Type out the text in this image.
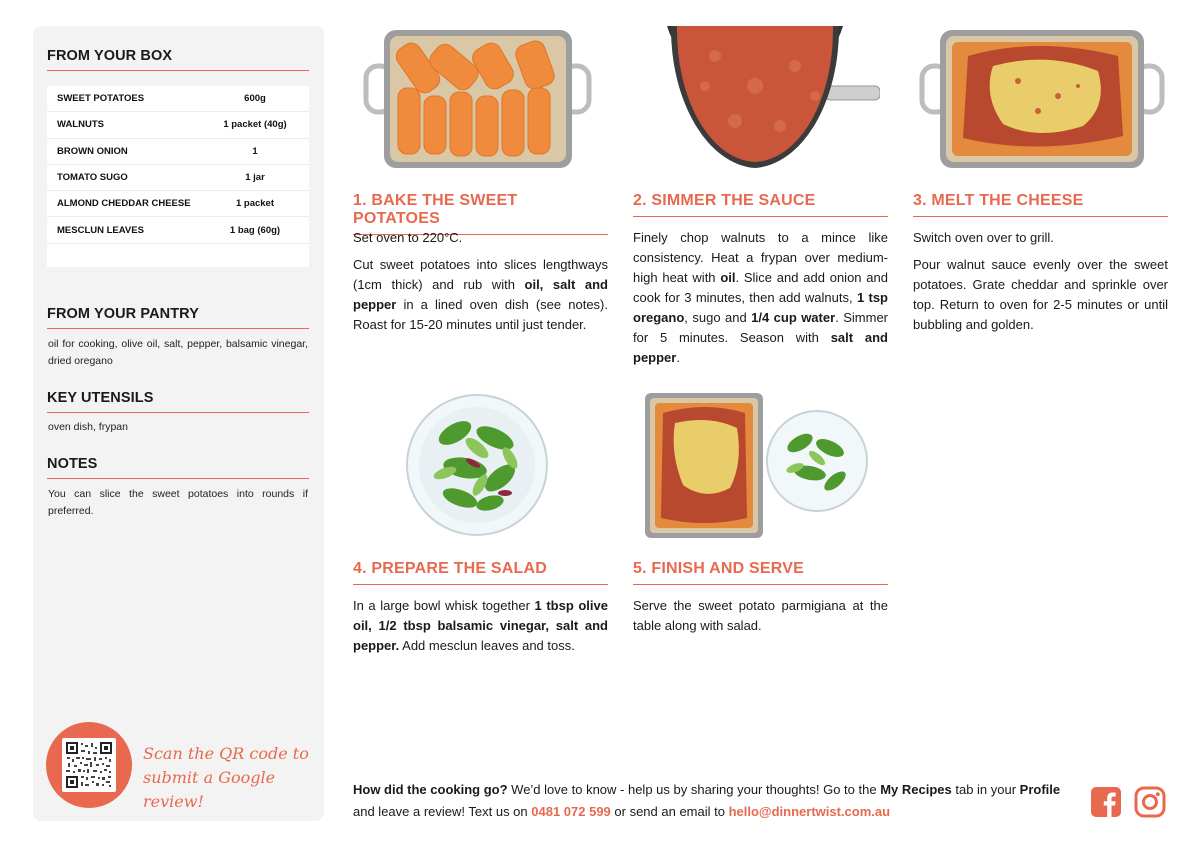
FROM YOUR BOX
SWEET POTATOES	600g
WALNUTS	1 packet (40g)
BROWN ONION	1
TOMATO SUGO	1 jar
ALMOND CHEDDAR CHEESE	1 packet
MESCLUN LEAVES	1 bag (60g)
FROM YOUR PANTRY
oil for cooking, olive oil, salt, pepper, balsamic vinegar, dried oregano
KEY UTENSILS
oven dish, frypan
NOTES
You can slice the sweet potatoes into rounds if preferred.
Scan the QR code to
submit a Google review!
1. BAKE THE SWEET POTATOES

Set oven to 220°C.

Cut sweet potatoes into slices lengthways (1cm thick) and rub with oil, salt and pepper in a lined oven dish (see notes). Roast for 15-20 minutes until just tender.

2. SIMMER THE SAUCE

Finely chop walnuts to a mince like consistency. Heat a frypan over medium-high heat with oil. Slice and add onion and cook for 3 minutes, then add walnuts, 1 tsp oregano, sugo and 1/4 cup water. Simmer for 5 minutes. Season with salt and pepper.

3. MELT THE CHEESE

Switch oven over to grill.

Pour walnut sauce evenly over the sweet potatoes. Grate cheddar and sprinkle over top. Return to oven for 2-5 minutes or until bubbling and golden.

4. PREPARE THE SALAD

In a large bowl whisk together 1 tbsp olive oil, 1/2 tbsp balsamic vinegar, salt and pepper. Add mesclun leaves and toss.

5. FINISH AND SERVE

Serve the sweet potato parmigiana at the table along with salad.

How did the cooking go? We’d love to know - help us by sharing your thoughts! Go to the My Recipes tab in your Profile and leave a review! Text us on 0481 072 599 or send an email to hello@dinnertwist.com.au
